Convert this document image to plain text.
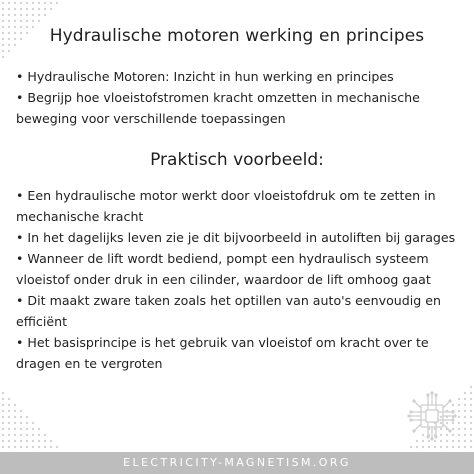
Hydraulische motoren werking en principes
• Hydraulische Motoren: Inzicht in hun werking en principes
• Begrijp hoe vloeistofstromen kracht omzetten in mechanische beweging voor verschillende toepassingen
Praktisch voorbeeld:
• Een hydraulische motor werkt door vloeistofdruk om te zetten in mechanische kracht
• In het dagelijks leven zie je dit bijvoorbeeld in autoliften bij garages
• Wanneer de lift wordt bediend, pompt een hydraulisch systeem vloeistof onder druk in een cilinder, waardoor de lift omhoog gaat
• Dit maakt zware taken zoals het optillen van auto's eenvoudig en efficiënt
• Het basisprincipe is het gebruik van vloeistof om kracht over te dragen en te vergroten
ELECTRICITY-MAGNETISM.ORG
